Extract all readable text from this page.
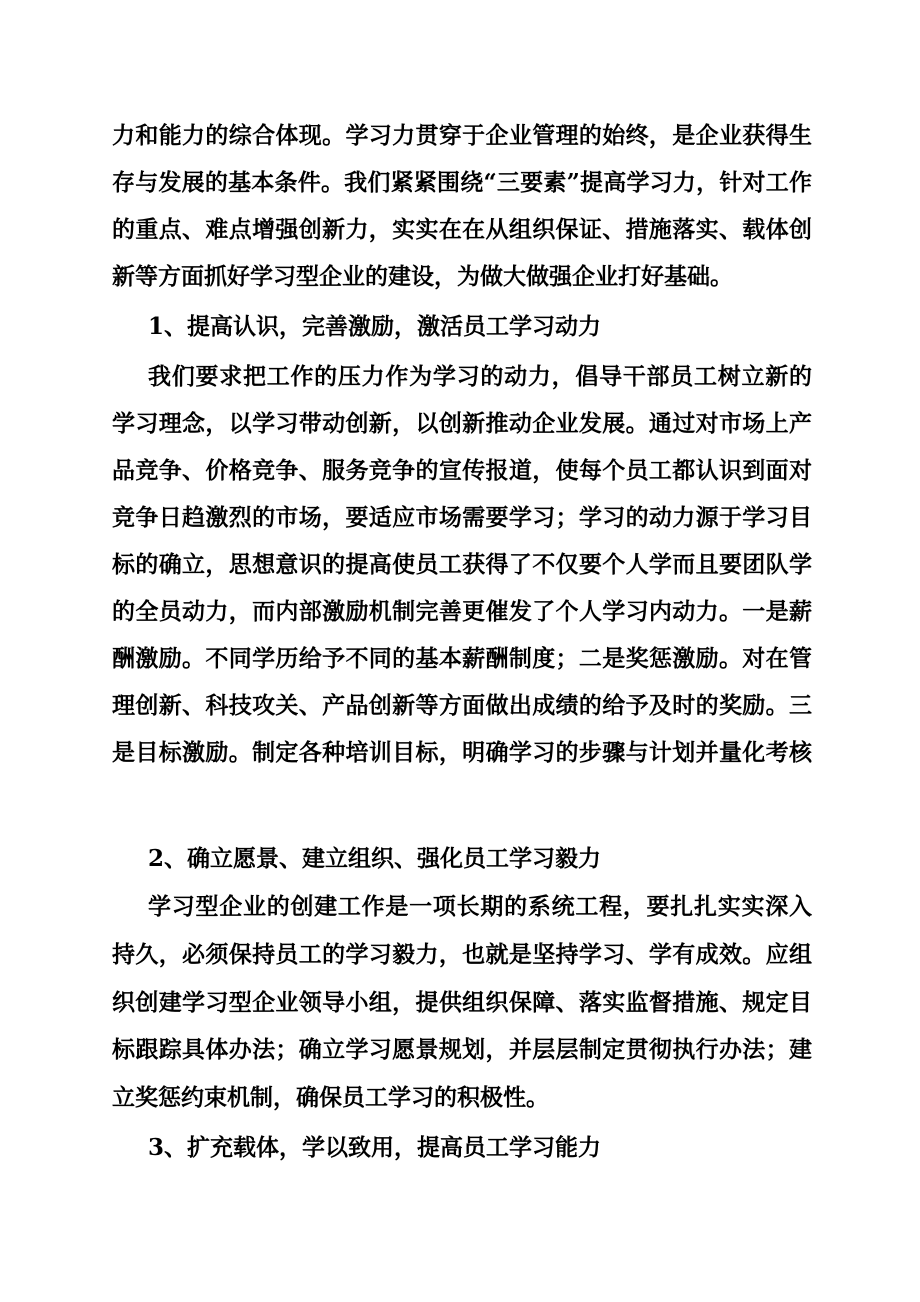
力和能力的综合体现。学习力贯穿于企业管理的始终，是企业获得生
存与发展的基本条件。我们紧紧围绕“三要素”提高学习力，针对工作
的重点、难点增强创新力，实实在在从组织保证、措施落实、载体创
新等方面抓好学习型企业的建设，为做大做强企业打好基础。
1、提高认识，完善激励，激活员工学习动力
我们要求把工作的压力作为学习的动力，倡导干部员工树立新的
学习理念，以学习带动创新，以创新推动企业发展。通过对市场上产
品竞争、价格竞争、服务竞争的宣传报道，使每个员工都认识到面对
竞争日趋激烈的市场，要适应市场需要学习；学习的动力源于学习目
标的确立，思想意识的提高使员工获得了不仅要个人学而且要团队学
的全员动力，而内部激励机制完善更催发了个人学习内动力。一是薪
酬激励。不同学历给予不同的基本薪酬制度；二是奖惩激励。对在管
理创新、科技攻关、产品创新等方面做出成绩的给予及时的奖励。三
是目标激励。制定各种培训目标，明确学习的步骤与计划并量化考核
2、确立愿景、建立组织、强化员工学习毅力
学习型企业的创建工作是一项长期的系统工程，要扎扎实实深入
持久，必须保持员工的学习毅力，也就是坚持学习、学有成效。应组
织创建学习型企业领导小组，提供组织保障、落实监督措施、规定目
标跟踪具体办法；确立学习愿景规划，并层层制定贯彻执行办法；建
立奖惩约束机制，确保员工学习的积极性。
3、扩充载体，学以致用，提高员工学习能力
